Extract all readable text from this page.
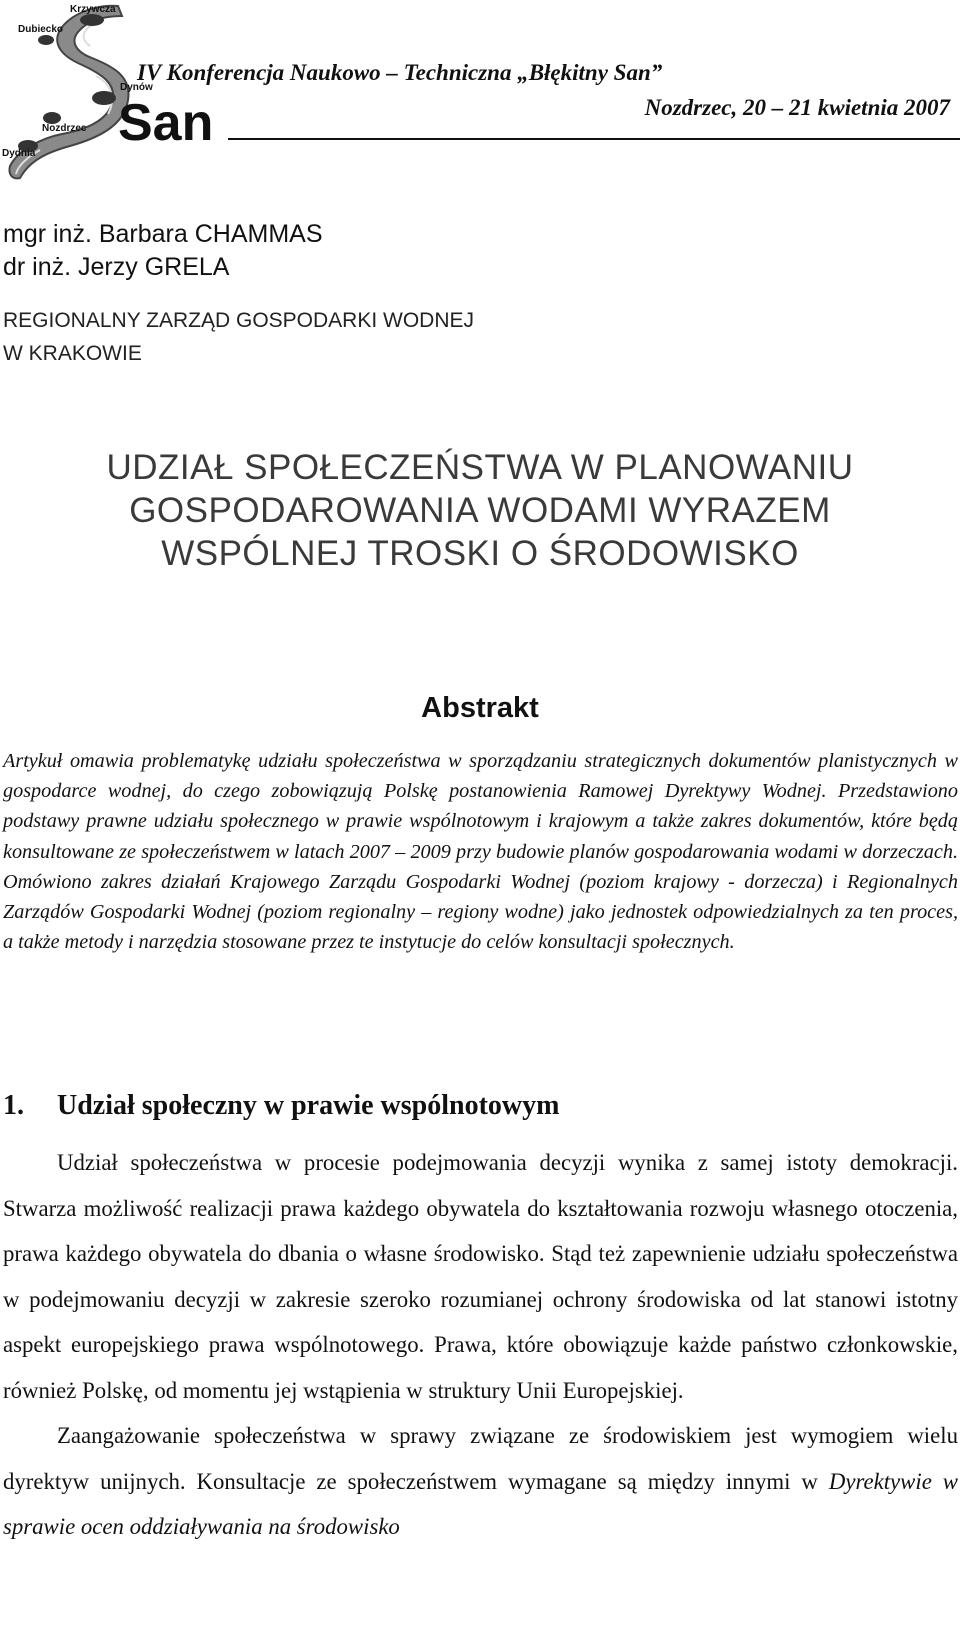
Krzywcza
Dubiecko
Dynów
Nozdrzec
Dydnia
San
IV Konferencja Naukowo – Techniczna „Błękitny San”
Nozdrzec, 20 – 21 kwietnia 2007
mgr inż. Barbara CHAMMAS
dr inż. Jerzy GRELA
REGIONALNY ZARZĄD GOSPODARKI WODNEJ
W KRAKOWIE
UDZIAŁ SPOŁECZEŃSTWA W PLANOWANIU
GOSPODAROWANIA WODAMI WYRAZEM
WSPÓLNEJ TROSKI O ŚRODOWISKO
Abstrakt
Artykuł omawia problematykę udziału społeczeństwa w sporządzaniu strategicznych dokumentów planistycznych w gospodarce wodnej, do czego zobowiązują Polskę postanowienia Ramowej Dyrektywy Wodnej. Przedstawiono podstawy prawne udziału społecznego w prawie wspólnotowym i krajowym a także zakres dokumentów, które będą konsultowane ze społeczeństwem w latach 2007 – 2009 przy budowie planów gospodarowania wodami w dorzeczach. Omówiono zakres działań Krajowego Zarządu Gospodarki Wodnej (poziom krajowy - dorzecza) i Regionalnych Zarządów Gospodarki Wodnej (poziom regionalny – regiony wodne) jako jednostek odpowiedzialnych za ten proces, a także metody i narzędzia stosowane przez te instytucje do celów konsultacji społecznych.
1. Udział społeczny w prawie wspólnotowym

Udział społeczeństwa w procesie podejmowania decyzji wynika z samej istoty demokracji. Stwarza możliwość realizacji prawa każdego obywatela do kształtowania rozwoju własnego otoczenia, prawa każdego obywatela do dbania o własne środowisko. Stąd też zapewnienie udziału społeczeństwa w podejmowaniu decyzji w zakresie szeroko rozumianej ochrony środowiska od lat stanowi istotny aspekt europejskiego prawa wspólnotowego. Prawa, które obowiązuje każde państwo członkowskie, również Polskę, od momentu jej wstąpienia w struktury Unii Europejskiej.

Zaangażowanie społeczeństwa w sprawy związane ze środowiskiem jest wymogiem wielu dyrektyw unijnych. Konsultacje ze społeczeństwem wymagane są między innymi w Dyrektywie w sprawie ocen oddziaływania na środowisko
